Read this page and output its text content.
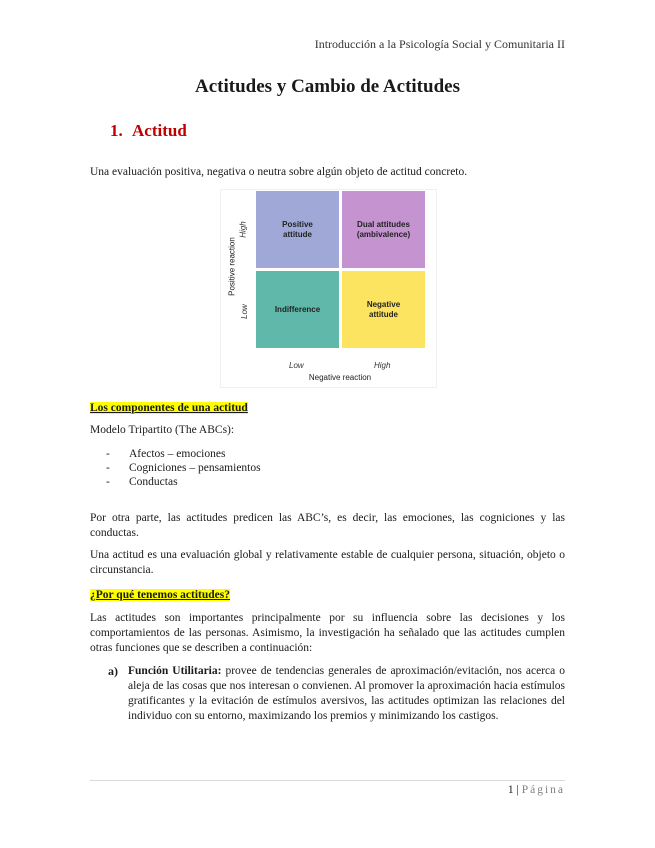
Introducción a la Psicología Social y Comunitaria II
Actitudes y Cambio de Actitudes
1. Actitud
Una evaluación positiva, negativa o neutra sobre algún objeto de actitud concreto.
Positive attitude
Dual attitudes (ambivalence)
Indifference
Negative attitude
Positive reaction
High
Low
Low	High
Negative reaction
Los componentes de una actitud
Modelo Tripartito (The ABCs):
- Afectos – emociones
- Cogniciones – pensamientos
- Conductas
Por otra parte, las actitudes predicen las ABC’s, es decir, las emociones, las cogniciones y las conductas.
Una actitud es una evaluación global y relativamente estable de cualquier persona, situación, objeto o circunstancia.
¿Por qué tenemos actitudes?
Las actitudes son importantes principalmente por su influencia sobre las decisiones y los comportamientos de las personas. Asimismo, la investigación ha señalado que las actitudes cumplen otras funciones que se describen a continuación:
a) Función Utilitaria: provee de tendencias generales de aproximación/evitación, nos acerca o aleja de las cosas que nos interesan o convienen. Al promover la aproximación hacia estímulos gratificantes y la evitación de estímulos aversivos, las actitudes optimizan las relaciones del individuo con su entorno, maximizando los premios y minimizando los castigos.
1 | Página
